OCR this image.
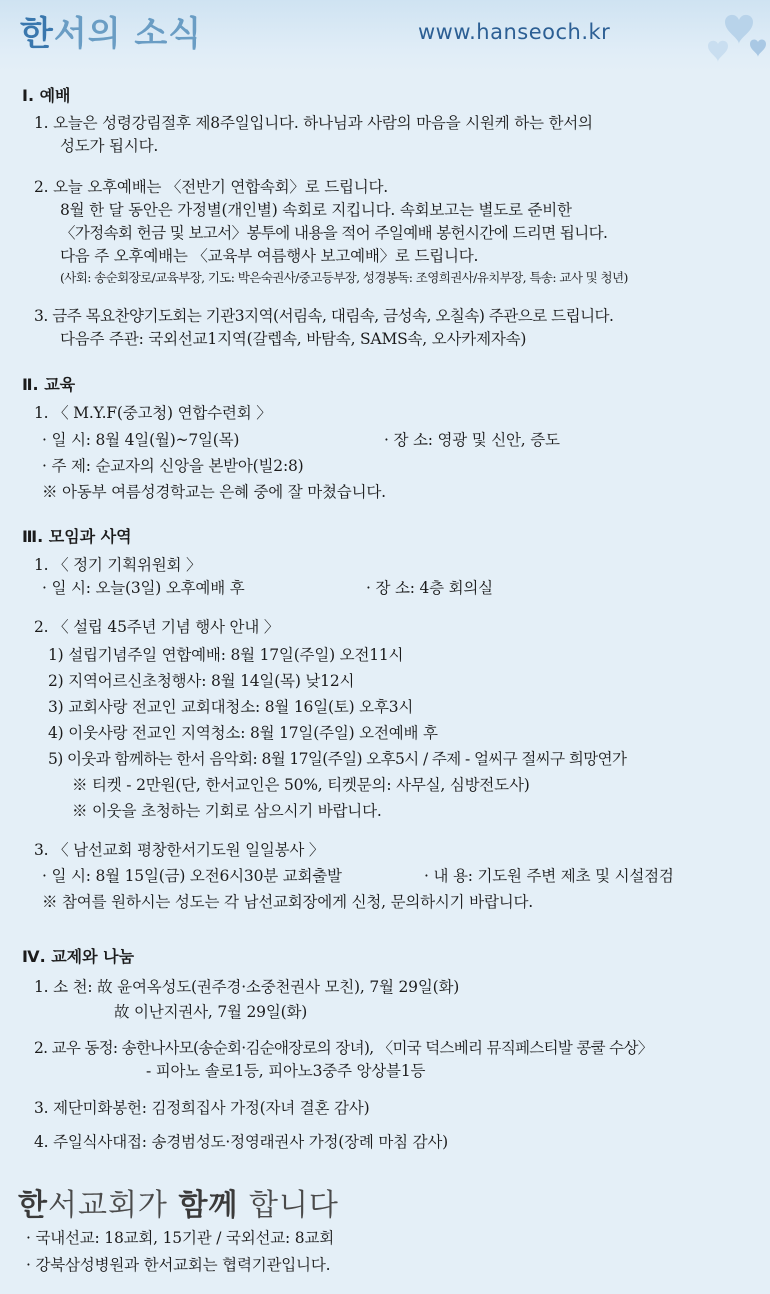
한서의 소식	www.hanseoch.kr
Ⅰ. 예배
1. 오늘은 성령강림절후 제8주일입니다. 하나님과 사람의 마음을 시원케 하는 한서의
성도가 됩시다.
2. 오늘 오후예배는 〈전반기 연합속회〉로 드립니다.
8월 한 달 동안은 가정별(개인별) 속회로 지킵니다. 속회보고는 별도로 준비한
〈가정속회 헌금 및 보고서〉봉투에 내용을 적어 주일예배 봉헌시간에 드리면 됩니다.
다음 주 오후예배는 〈교육부 여름행사 보고예배〉로 드립니다.
(사회: 송순회장로/교육부장, 기도: 박은숙권사/중고등부장, 성경봉독: 조영희권사/유치부장, 특송: 교사 및 청년)
3. 금주 목요찬양기도회는 기관3지역(서림속, 대림속, 금성속, 오칠속) 주관으로 드립니다.
다음주 주관: 국외선교1지역(갈렙속, 바탐속, SAMS속, 오사카제자속)
Ⅱ. 교육
1. 〈 M.Y.F(중고청) 연합수련회 〉
· 일 시: 8월 4일(월)~7일(목)	· 장 소: 영광 및 신안, 증도
· 주 제: 순교자의 신앙을 본받아(빌2:8)
※ 아동부 여름성경학교는 은혜 중에 잘 마쳤습니다.
Ⅲ. 모임과 사역
1. 〈 정기 기획위원회 〉
· 일 시: 오늘(3일) 오후예배 후	· 장 소: 4층 회의실
2. 〈 설립 45주년 기념 행사 안내 〉
1) 설립기념주일 연합예배: 8월 17일(주일) 오전11시
2) 지역어르신초청행사: 8월 14일(목) 낮12시
3) 교회사랑 전교인 교회대청소: 8월 16일(토) 오후3시
4) 이웃사랑 전교인 지역청소: 8월 17일(주일) 오전예배 후
5) 이웃과 함께하는 한서 음악회: 8월 17일(주일) 오후5시 / 주제 - 얼씨구 절씨구 희망연가
※ 티켓 - 2만원(단, 한서교인은 50%, 티켓문의: 사무실, 심방전도사)
※ 이웃을 초청하는 기회로 삼으시기 바랍니다.
3. 〈 남선교회 평창한서기도원 일일봉사 〉
· 일 시: 8월 15일(금) 오전6시30분 교회출발	· 내 용: 기도원 주변 제초 및 시설점검
※ 참여를 원하시는 성도는 각 남선교회장에게 신청, 문의하시기 바랍니다.
Ⅳ. 교제와 나눔
1. 소 천: 故 윤여옥성도(권주경·소중천권사 모친), 7월 29일(화)
故 이난지권사, 7월 29일(화)
2. 교우 동정: 송한나사모(송순회·김순애장로의 장녀), 〈미국 덕스베리 뮤직페스티발 콩쿨 수상〉
- 피아노 솔로1등, 피아노3중주 앙상블1등
3. 제단미화봉헌: 김정희집사 가정(자녀 결혼 감사)
4. 주일식사대접: 송경범성도·정영래권사 가정(장례 마침 감사)
한서교회가 함께 합니다
· 국내선교: 18교회, 15기관 / 국외선교: 8교회
· 강북삼성병원과 한서교회는 협력기관입니다.
